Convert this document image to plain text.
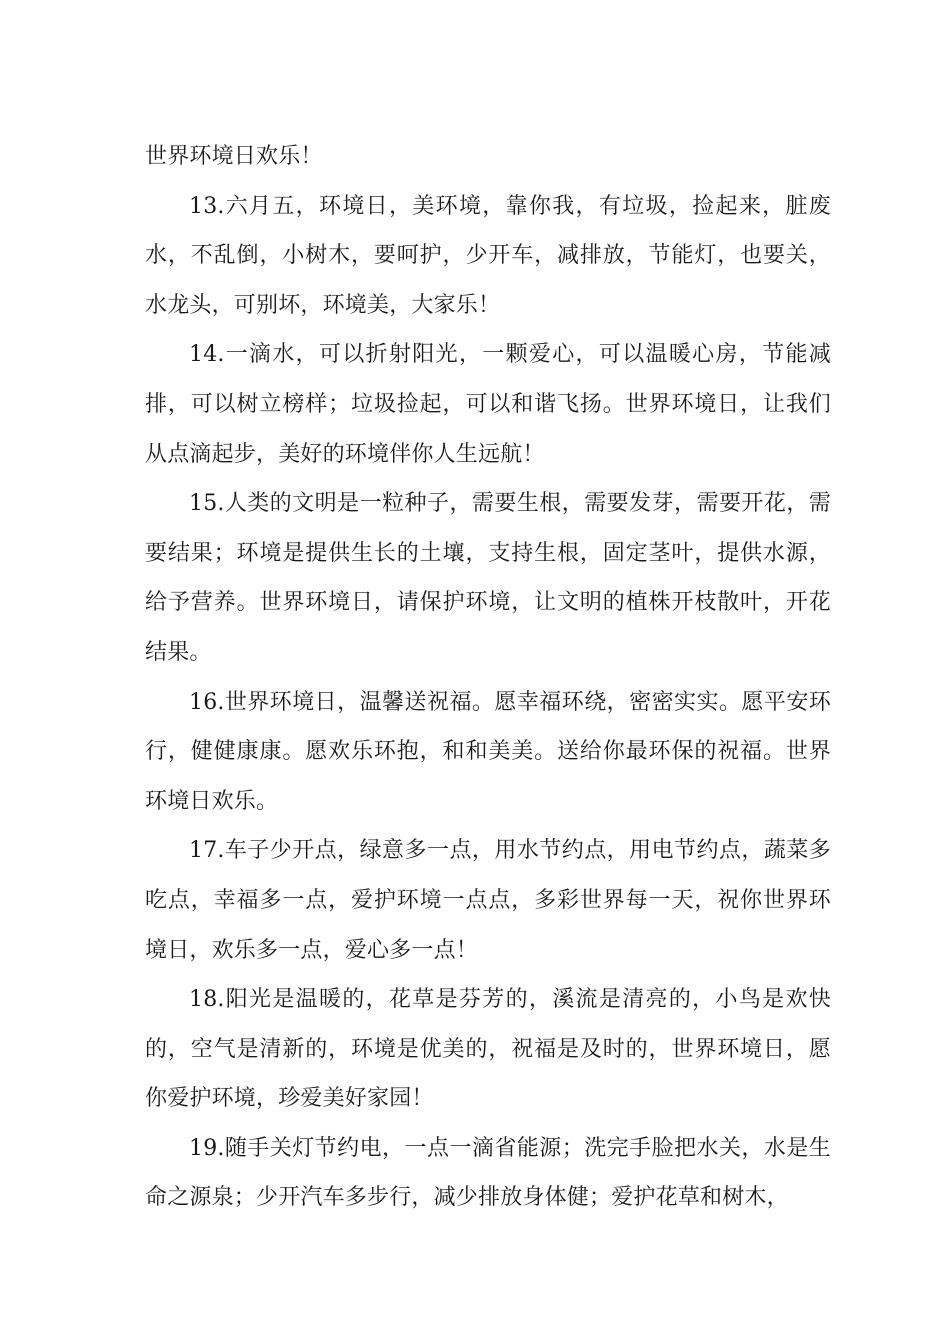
世界环境日欢乐！

13.六月五，环境日，美环境，靠你我，有垃圾，捡起来，脏废水，不乱倒，小树木，要呵护，少开车，减排放，节能灯，也要关，水龙头，可别坏，环境美，大家乐！

14.一滴水，可以折射阳光，一颗爱心，可以温暖心房，节能减排，可以树立榜样；垃圾捡起，可以和谐飞扬。世界环境日，让我们从点滴起步，美好的环境伴你人生远航！

15.人类的文明是一粒种子，需要生根，需要发芽，需要开花，需要结果；环境是提供生长的土壤，支持生根，固定茎叶，提供水源，给予营养。世界环境日，请保护环境，让文明的植株开枝散叶，开花结果。

16.世界环境日，温馨送祝福。愿幸福环绕，密密实实。愿平安环行，健健康康。愿欢乐环抱，和和美美。送给你最环保的祝福。世界环境日欢乐。

17.车子少开点，绿意多一点，用水节约点，用电节约点，蔬菜多吃点，幸福多一点，爱护环境一点点，多彩世界每一天，祝你世界环境日，欢乐多一点，爱心多一点！

18.阳光是温暖的，花草是芬芳的，溪流是清亮的，小鸟是欢快的，空气是清新的，环境是优美的，祝福是及时的，世界环境日，愿你爱护环境，珍爱美好家园！

19.随手关灯节约电，一点一滴省能源；洗完手脸把水关，水是生命之源泉；少开汽车多步行，减少排放身体健；爱护花草和树木，
